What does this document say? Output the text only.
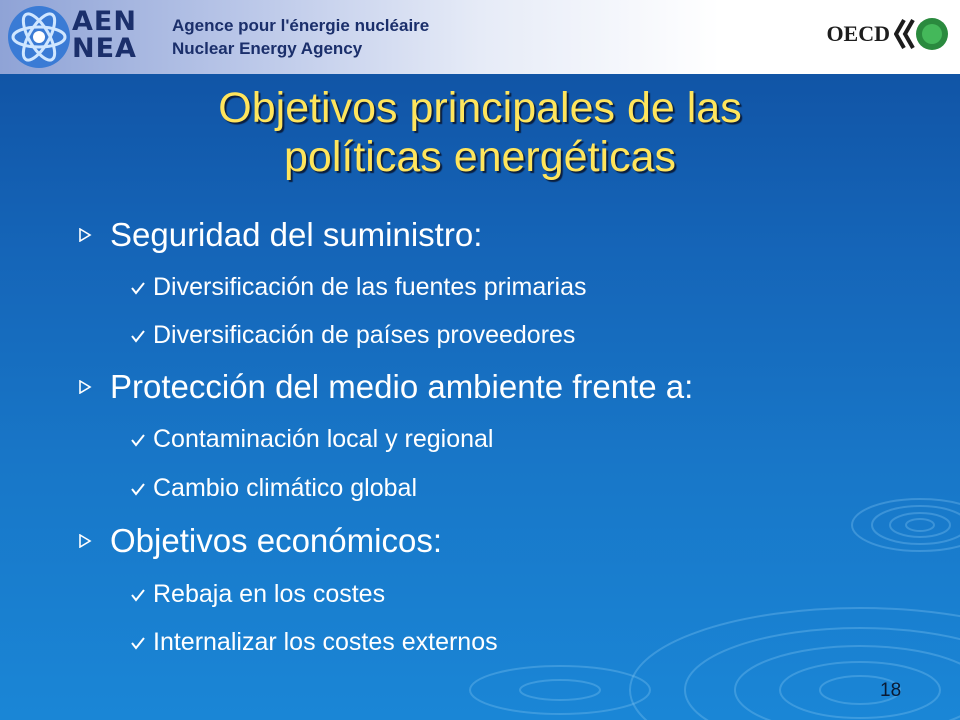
AEN
NEA
Agence pour l'énergie nucléaire
Nuclear Energy Agency
OECD
Objetivos principales de las
políticas energéticas
Seguridad del suministro:
Diversificación de las fuentes primarias
Diversificación de países proveedores
Protección del medio ambiente frente a:
Contaminación local y regional
Cambio climático global
Objetivos económicos:
Rebaja en los costes
Internalizar los costes externos
18
